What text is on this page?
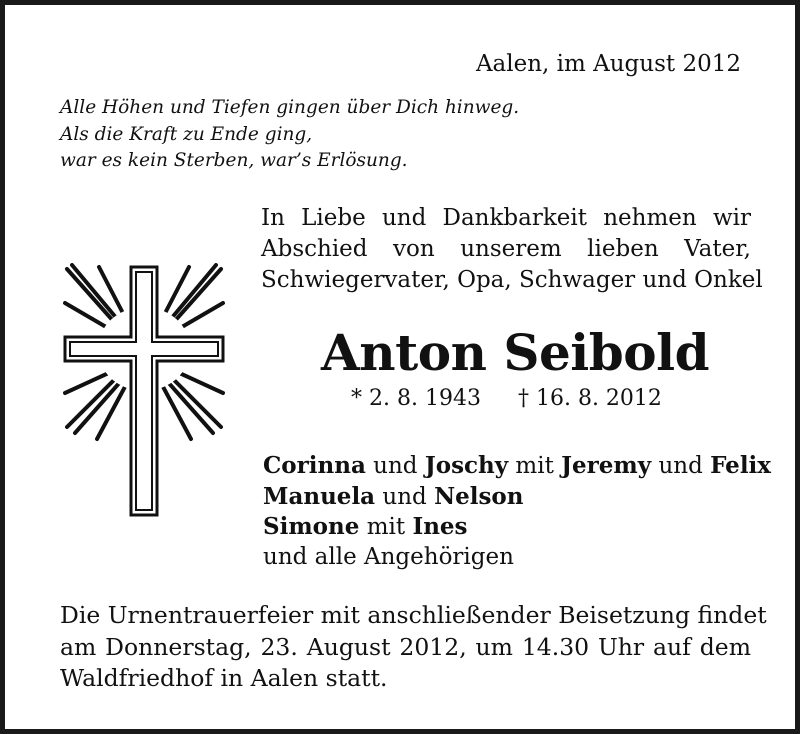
Aalen, im August 2012
Alle Höhen und Tiefen gingen über Dich hinweg.
Als die Kraft zu Ende ging,
war es kein Sterben, war’s Erlösung.
In Liebe und Dankbarkeit nehmen wir
Abschied von unserem lieben Vater,
Schwiegervater, Opa, Schwager und Onkel
Anton Seibold
* 2. 8. 1943 † 16. 8. 2012
Corinna und Joschy mit Jeremy und Felix
Manuela und Nelson
Simone mit Ines
und alle Angehörigen
Die Urnentrauerfeier mit anschließender Beisetzung findet
am Donnerstag, 23. August 2012, um 14.30 Uhr auf dem
Waldfriedhof in Aalen statt.
